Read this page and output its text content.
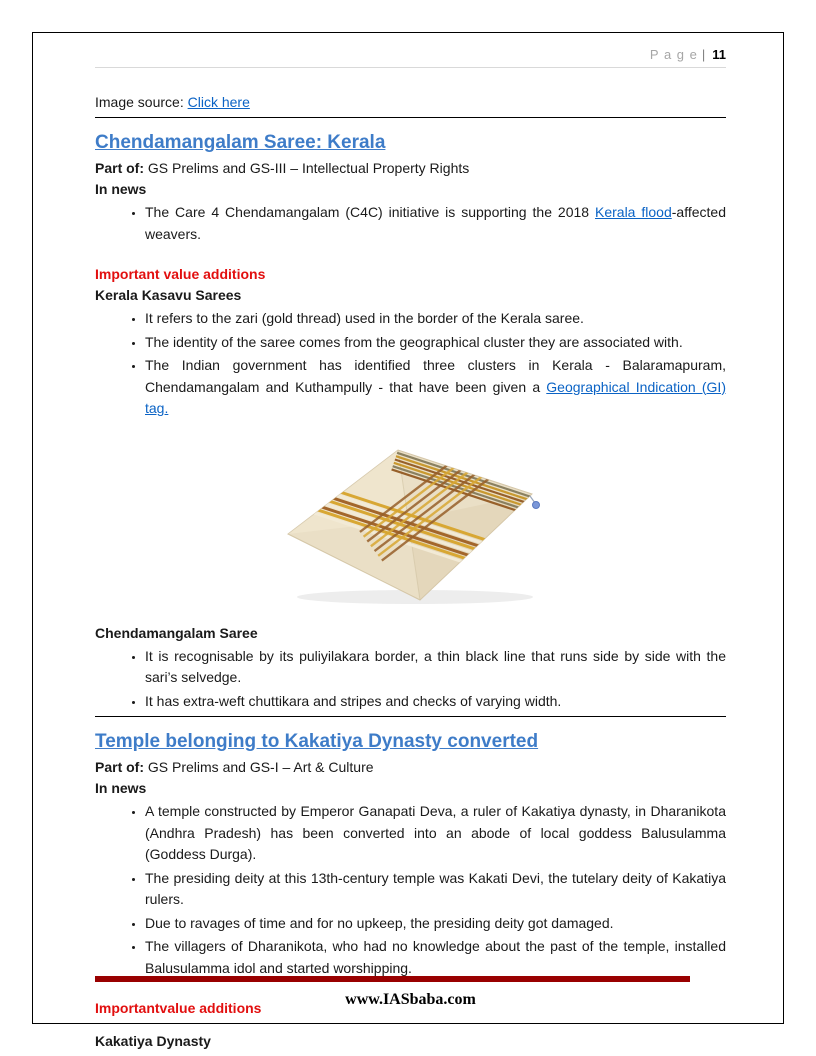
P a g e | 11

Image source: Click here

Chendamangalam Saree: Kerala

Part of: GS Prelims and GS-III – Intellectual Property Rights

In news

• The Care 4 Chendamangalam (C4C) initiative is supporting the 2018 Kerala flood-affected weavers.

Important value additions

Kerala Kasavu Sarees

• It refers to the zari (gold thread) used in the border of the Kerala saree.
• The identity of the saree comes from the geographical cluster they are associated with.
• The Indian government has identified three clusters in Kerala - Balaramapuram, Chendamangalam and Kuthampully - that have been given a Geographical Indication (GI) tag.

Chendamangalam Saree

• It is recognisable by its puliyilakara border, a thin black line that runs side by side with the sari’s selvedge.
• It has extra-weft chuttikara and stripes and checks of varying width.
Temple belonging to Kakatiya Dynasty converted

Part of: GS Prelims and GS-I – Art & Culture

In news

• A temple constructed by Emperor Ganapati Deva, a ruler of Kakatiya dynasty, in Dharanikota (Andhra Pradesh) has been converted into an abode of local goddess Balusulamma (Goddess Durga).
• The presiding deity at this 13th-century temple was Kakati Devi, the tutelary deity of Kakatiya rulers.
• Due to ravages of time and for no upkeep, the presiding deity got damaged.
• The villagers of Dharanikota, who had no knowledge about the past of the temple, installed Balusulamma idol and started worshipping.

Importantvalue additions

Kakatiya Dynasty

www.IASbaba.com
